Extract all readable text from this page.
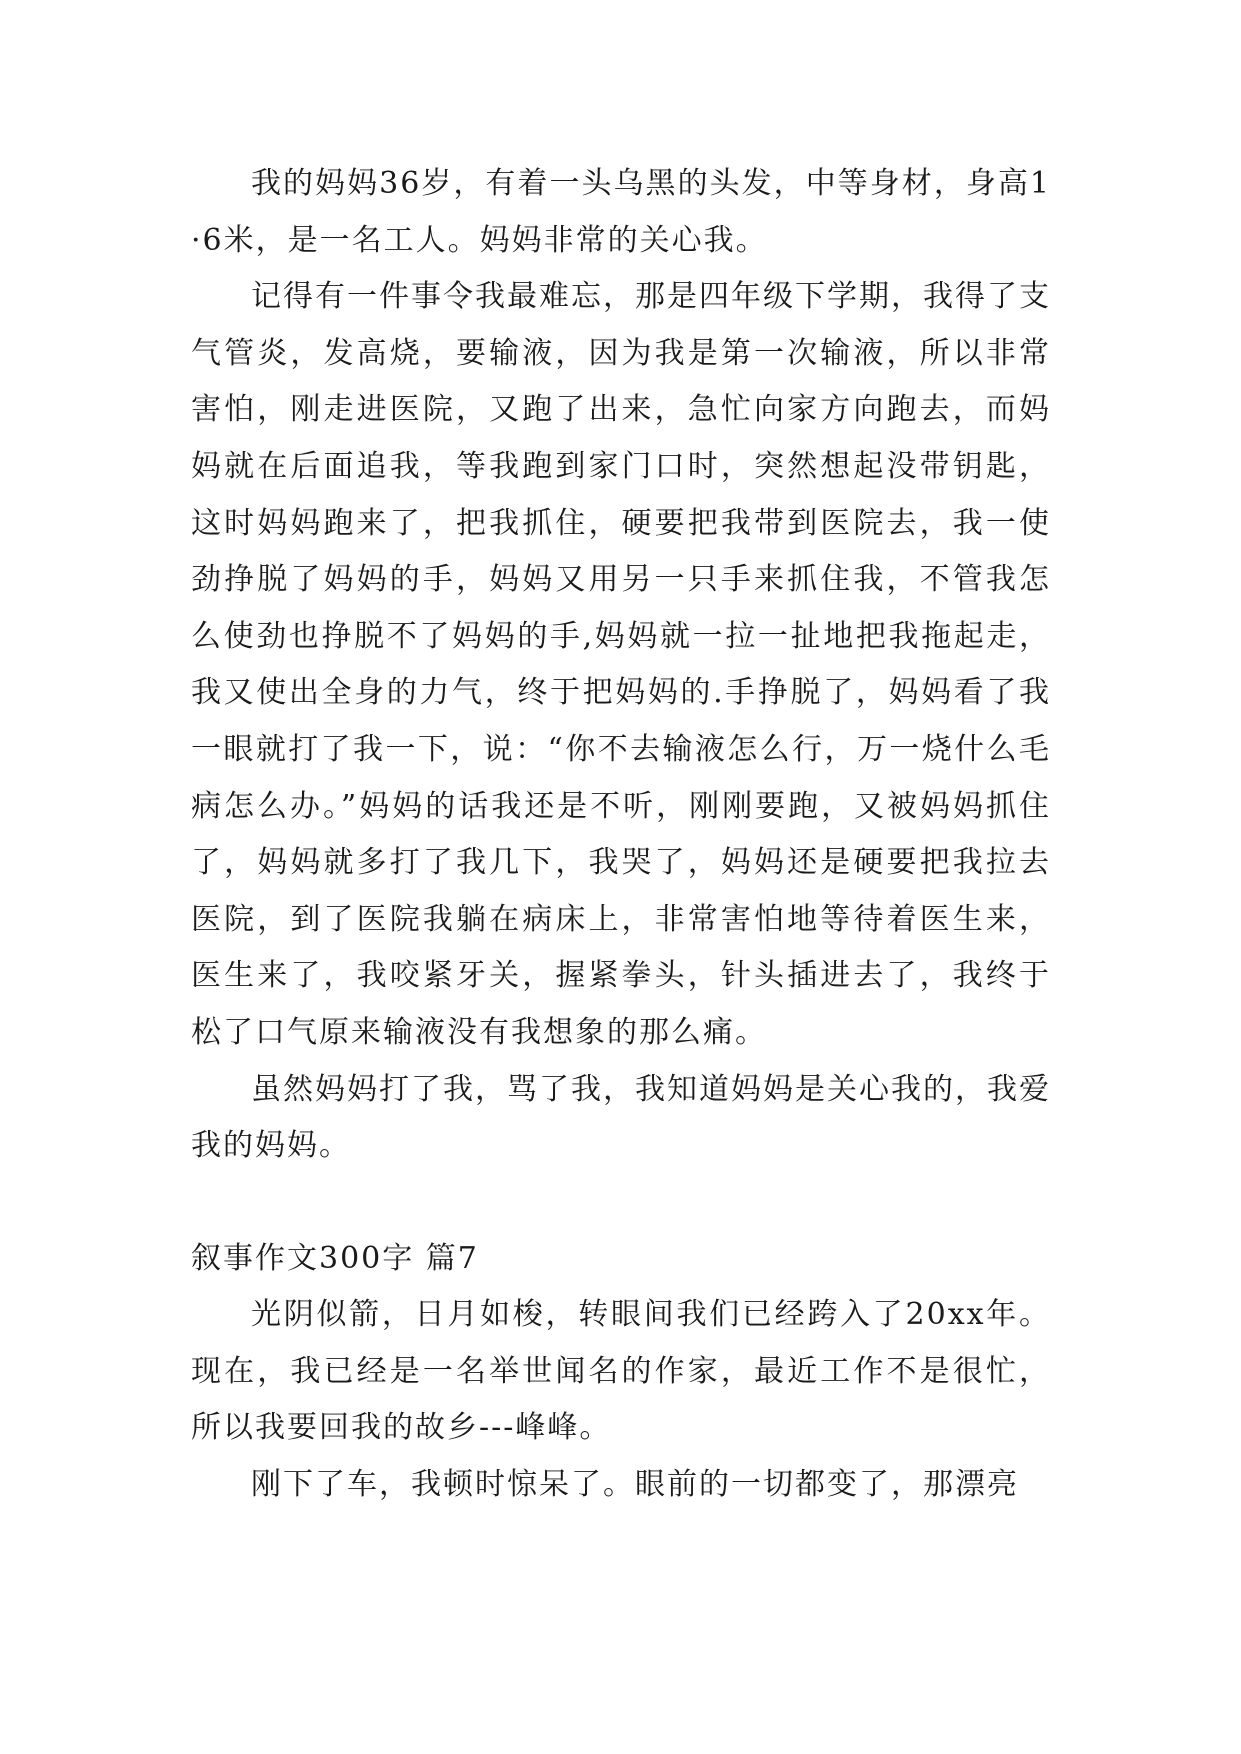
我的妈妈36岁，有着一头乌黑的头发，中等身材，身高1·6米，是一名工人。妈妈非常的关心我。

记得有一件事令我最难忘，那是四年级下学期，我得了支气管炎，发高烧，要输液，因为我是第一次输液，所以非常害怕，刚走进医院，又跑了出来，急忙向家方向跑去，而妈妈就在后面追我，等我跑到家门口时，突然想起没带钥匙，这时妈妈跑来了，把我抓住，硬要把我带到医院去，我一使劲挣脱了妈妈的手，妈妈又用另一只手来抓住我，不管我怎么使劲也挣脱不了妈妈的手,妈妈就一拉一扯地把我拖起走，我又使出全身的力气，终于把妈妈的.手挣脱了，妈妈看了我一眼就打了我一下，说：“你不去输液怎么行，万一烧什么毛病怎么办。”妈妈的话我还是不听，刚刚要跑，又被妈妈抓住了，妈妈就多打了我几下，我哭了，妈妈还是硬要把我拉去医院，到了医院我躺在病床上，非常害怕地等待着医生来，医生来了，我咬紧牙关，握紧拳头，针头插进去了，我终于松了口气原来输液没有我想象的那么痛。

虽然妈妈打了我，骂了我，我知道妈妈是关心我的，我爱我的妈妈。

叙事作文300字 篇7

光阴似箭，日月如梭，转眼间我们已经跨入了20xx年。现在，我已经是一名举世闻名的作家，最近工作不是很忙，所以我要回我的故乡---峰峰。

刚下了车，我顿时惊呆了。眼前的一切都变了，那漂亮
